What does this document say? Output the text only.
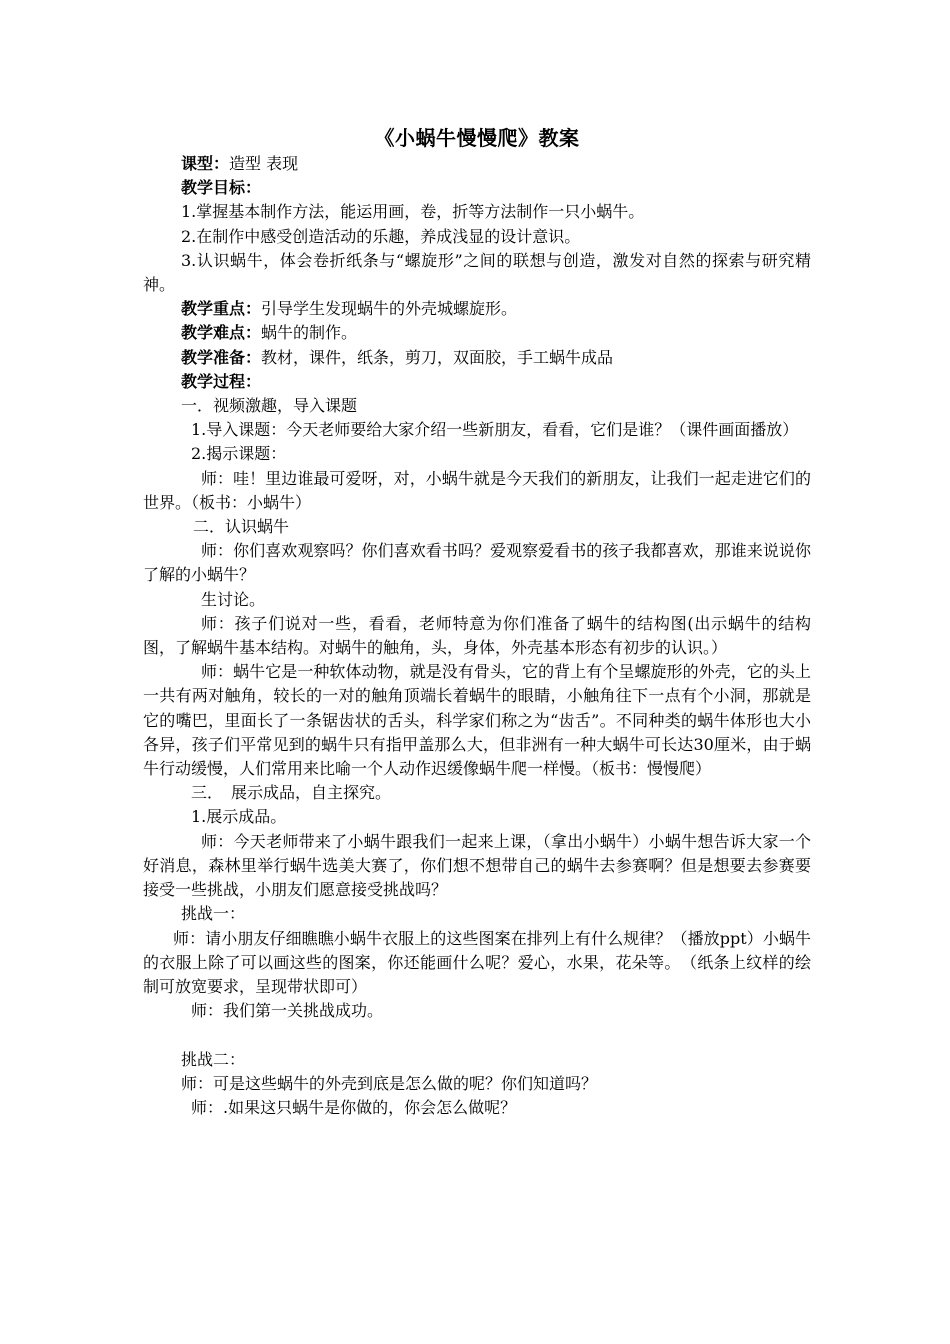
《小蜗牛慢慢爬》教案

课型：造型 表现

教学目标：

1.掌握基本制作方法，能运用画，卷，折等方法制作一只小蜗牛。

2.在制作中感受创造活动的乐趣，养成浅显的设计意识。

3.认识蜗牛，体会卷折纸条与“螺旋形”之间的联想与创造，激发对自然的探索与研究精神。

教学重点：引导学生发现蜗牛的外壳城螺旋形。

教学难点：蜗牛的制作。

教学准备：教材，课件，纸条，剪刀，双面胶，手工蜗牛成品

教学过程：

一．视频激趣，导入课题

1.导入课题：今天老师要给大家介绍一些新朋友，看看，它们是谁？（课件画面播放）

2.揭示课题：

师：哇！里边谁最可爱呀，对，小蜗牛就是今天我们的新朋友，让我们一起走进它们的世界。（板书：小蜗牛）

二．认识蜗牛

师：你们喜欢观察吗？你们喜欢看书吗？爱观察爱看书的孩子我都喜欢，那谁来说说你了解的小蜗牛？

生讨论。

师：孩子们说对一些，看看，老师特意为你们准备了蜗牛的结构图(出示蜗牛的结构图，了解蜗牛基本结构。对蜗牛的触角，头，身体，外壳基本形态有初步的认识。）

师：蜗牛它是一种软体动物，就是没有骨头，它的背上有个呈螺旋形的外壳，它的头上一共有两对触角，较长的一对的触角顶端长着蜗牛的眼睛，小触角往下一点有个小洞，那就是它的嘴巴，里面长了一条锯齿状的舌头，科学家们称之为“齿舌”。不同种类的蜗牛体形也大小各异，孩子们平常见到的蜗牛只有指甲盖那么大，但非洲有一种大蜗牛可长达30厘米，由于蜗牛行动缓慢，人们常用来比喻一个人动作迟缓像蜗牛爬一样慢。（板书：慢慢爬）

三．　展示成品，自主探究。

1.展示成品。

师：今天老师带来了小蜗牛跟我们一起来上课，（拿出小蜗牛）小蜗牛想告诉大家一个好消息，森林里举行蜗牛选美大赛了，你们想不想带自己的蜗牛去参赛啊？但是想要去参赛要接受一些挑战，小朋友们愿意接受挑战吗？

挑战一：

师：请小朋友仔细瞧瞧小蜗牛衣服上的这些图案在排列上有什么规律？（播放ppt）小蜗牛的衣服上除了可以画这些的图案，你还能画什么呢？爱心，水果，花朵等。　（纸条上纹样的绘制可放宽要求，呈现带状即可）

师：我们第一关挑战成功。

挑战二：

师：可是这些蜗牛的外壳到底是怎么做的呢？你们知道吗？

师：.如果这只蜗牛是你做的，你会怎么做呢？
